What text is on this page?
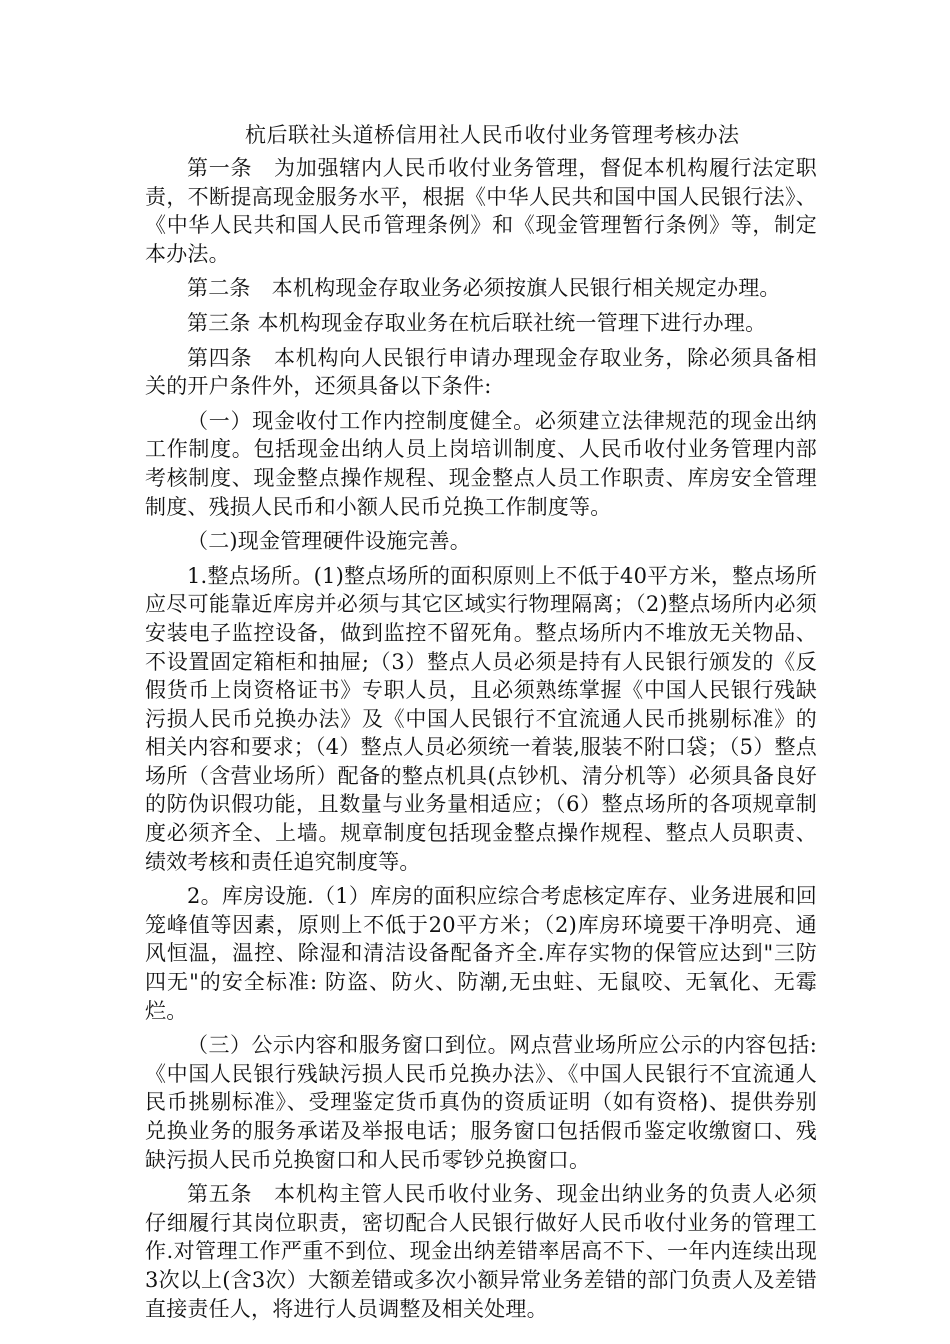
杭后联社头道桥信用社人民币收付业务管理考核办法

第一条　为加强辖内人民币收付业务管理，督促本机构履行法定职责，不断提高现金服务水平，根据《中华人民共和国中国人民银行法》、《中华人民共和国人民币管理条例》和《现金管理暂行条例》等，制定本办法。

第二条　本机构现金存取业务必须按旗人民银行相关规定办理。

第三条 本机构现金存取业务在杭后联社统一管理下进行办理。

第四条　本机构向人民银行申请办理现金存取业务，除必须具备相关的开户条件外，还须具备以下条件:

（一）现金收付工作内控制度健全。必须建立法律规范的现金出纳工作制度。包括现金出纳人员上岗培训制度、人民币收付业务管理内部考核制度、现金整点操作规程、现金整点人员工作职责、库房安全管理制度、残损人民币和小额人民币兑换工作制度等。

（二)现金管理硬件设施完善。

1.整点场所。(1)整点场所的面积原则上不低于40平方米，整点场所应尽可能靠近库房并必须与其它区域实行物理隔离；（2)整点场所内必须安装电子监控设备，做到监控不留死角。整点场所内不堆放无关物品、不设置固定箱柜和抽屉;（3）整点人员必须是持有人民银行颁发的《反假货币上岗资格证书》专职人员，且必须熟练掌握《中国人民银行残缺污损人民币兑换办法》及《中国人民银行不宜流通人民币挑剔标准》的相关内容和要求；（4）整点人员必须统一着装,服装不附口袋；（5）整点场所（含营业场所）配备的整点机具(点钞机、清分机等）必须具备良好的防伪识假功能，且数量与业务量相适应；（6）整点场所的各项规章制度必须齐全、上墙。规章制度包括现金整点操作规程、整点人员职责、绩效考核和责任追究制度等。

2。库房设施.（1）库房的面积应综合考虑核定库存、业务进展和回笼峰值等因素，原则上不低于20平方米；（2)库房环境要干净明亮、通风恒温，温控、除湿和清洁设备配备齐全.库存实物的保管应达到"三防四无"的安全标准: 防盗、防火、防潮,无虫蛀、无鼠咬、无氧化、无霉烂。

（三）公示内容和服务窗口到位。网点营业场所应公示的内容包括: 《中国人民银行残缺污损人民币兑换办法》、《中国人民银行不宜流通人民币挑剔标准》、受理鉴定货币真伪的资质证明（如有资格)、提供券别兑换业务的服务承诺及举报电话；服务窗口包括假币鉴定收缴窗口、残缺污损人民币兑换窗口和人民币零钞兑换窗口。

第五条　本机构主管人民币收付业务、现金出纳业务的负责人必须仔细履行其岗位职责，密切配合人民银行做好人民币收付业务的管理工作.对管理工作严重不到位、现金出纳差错率居高不下、一年内连续出现3次以上(含3次）大额差错或多次小额异常业务差错的部门负责人及差错直接责任人，将进行人员调整及相关处理。
